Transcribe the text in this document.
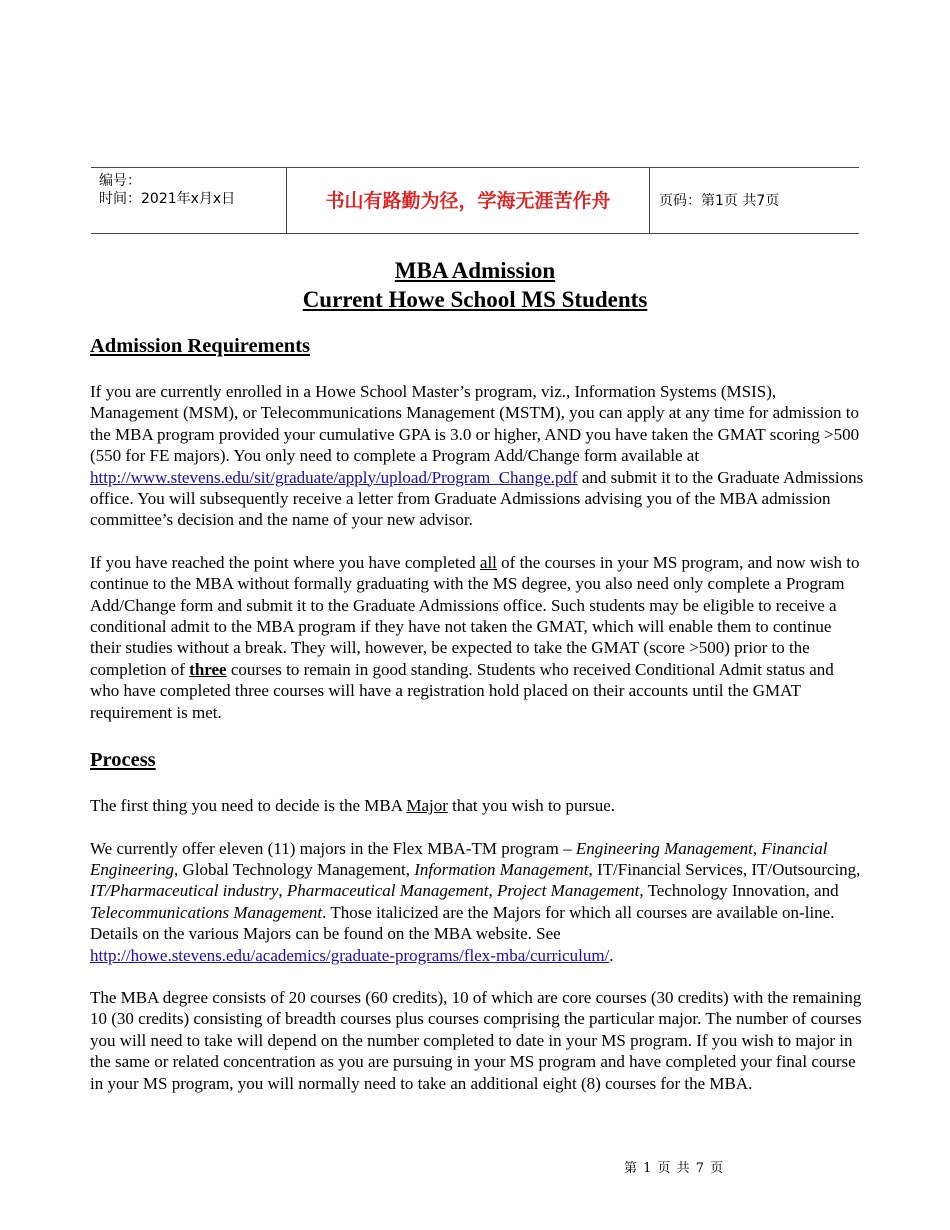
编号：
时间：2021年x月x日	书山有路勤为径，学海无涯苦作舟	页码：第1页 共7页
MBA Admission
Current Howe School MS Students
Admission Requirements

If you are currently enrolled in a Howe School Master’s program, viz., Information Systems (MSIS), Management (MSM), or Telecommunications Management (MSTM), you can apply at any time for admission to the MBA program provided your cumulative GPA is 3.0 or higher, AND you have taken the GMAT scoring >500 (550 for FE majors). You only need to complete a Program Add/Change form available at http://www.stevens.edu/sit/graduate/apply/upload/Program_Change.pdf and submit it to the Graduate Admissions office. You will subsequently receive a letter from Graduate Admissions advising you of the MBA admission committee’s decision and the name of your new advisor.

If you have reached the point where you have completed all of the courses in your MS program, and now wish to continue to the MBA without formally graduating with the MS degree, you also need only complete a Program Add/Change form and submit it to the Graduate Admissions office. Such students may be eligible to receive a conditional admit to the MBA program if they have not taken the GMAT, which will enable them to continue their studies without a break. They will, however, be expected to take the GMAT (score >500) prior to the completion of three courses to remain in good standing. Students who received Conditional Admit status and who have completed three courses will have a registration hold placed on their accounts until the GMAT requirement is met.

Process

The first thing you need to decide is the MBA Major that you wish to pursue.

We currently offer eleven (11) majors in the Flex MBA-TM program – Engineering Management, Financial Engineering, Global Technology Management, Information Management, IT/Financial Services, IT/Outsourcing, IT/Pharmaceutical industry, Pharmaceutical Management, Project Management, Technology Innovation, and Telecommunications Management. Those italicized are the Majors for which all courses are available on-line. Details on the various Majors can be found on the MBA website. See http://howe.stevens.edu/academics/graduate-programs/flex-mba/curriculum/.

The MBA degree consists of 20 courses (60 credits), 10 of which are core courses (30 credits) with the remaining 10 (30 credits) consisting of breadth courses plus courses comprising the particular major. The number of courses you will need to take will depend on the number completed to date in your MS program. If you wish to major in the same or related concentration as you are pursuing in your MS program and have completed your final course in your MS program, you will normally need to take an additional eight (8) courses for the MBA.

第 1 页 共 7 页
